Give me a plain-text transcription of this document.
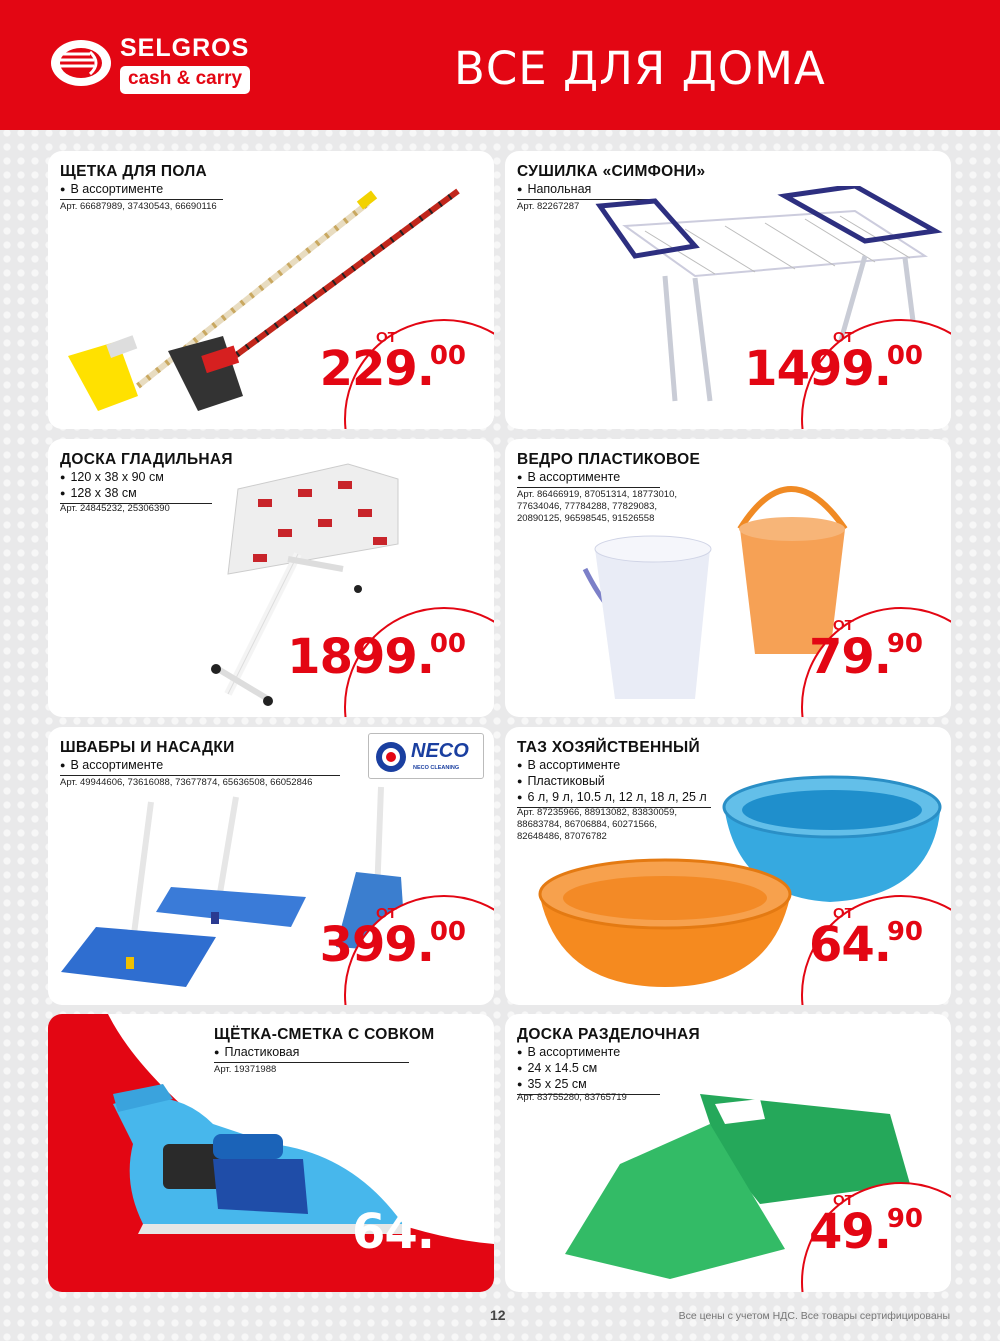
SELGROS
cash & carry	ВСЕ ДЛЯ ДОМА
ЩЕТКА ДЛЯ ПОЛА
● В ассортименте
Арт. 66687989, 37430543, 66690116
ОТ
229.
00
СУШИЛКА «СИМФОНИ»
● Напольная
Арт. 82267287
ОТ
1499.
00
ДОСКА ГЛАДИЛЬНАЯ
● 120 х 38 х 90 см
● 128 х 38 см
Арт. 24845232, 25306390
1899.
00
ВЕДРО ПЛАСТИКОВОЕ
● В ассортименте
Арт. 86466919, 87051314, 18773010,
77634046, 77784288, 77829083,
20890125, 96598545, 91526558
ОТ
79.
90
ШВАБРЫ И НАСАДКИ
● В ассортименте
Арт. 49944606, 73616088, 73677874, 65636508, 66052846
NECO
NECO CLEANING
ОТ
399.
00
ТАЗ ХОЗЯЙСТВЕННЫЙ
● В ассортименте
● Пластиковый
● 6 л, 9 л, 10.5 л, 12 л, 18 л, 25 л
Арт. 87235966, 88913082, 83830059,
88683784, 86706884, 60271566,
82648486, 87076782
ОТ
64.
90
ЩЁТКА-СМЕТКА С СОВКОМ
● Пластиковая
Арт. 19371988
64.
90
ДОСКА РАЗДЕЛОЧНАЯ
● В ассортименте
● 24 х 14.5 см
● 35 х 25 см
Арт. 83755280, 83765719
ОТ
49.
90
12	Все цены с учетом НДС. Все товары сертифицированы
